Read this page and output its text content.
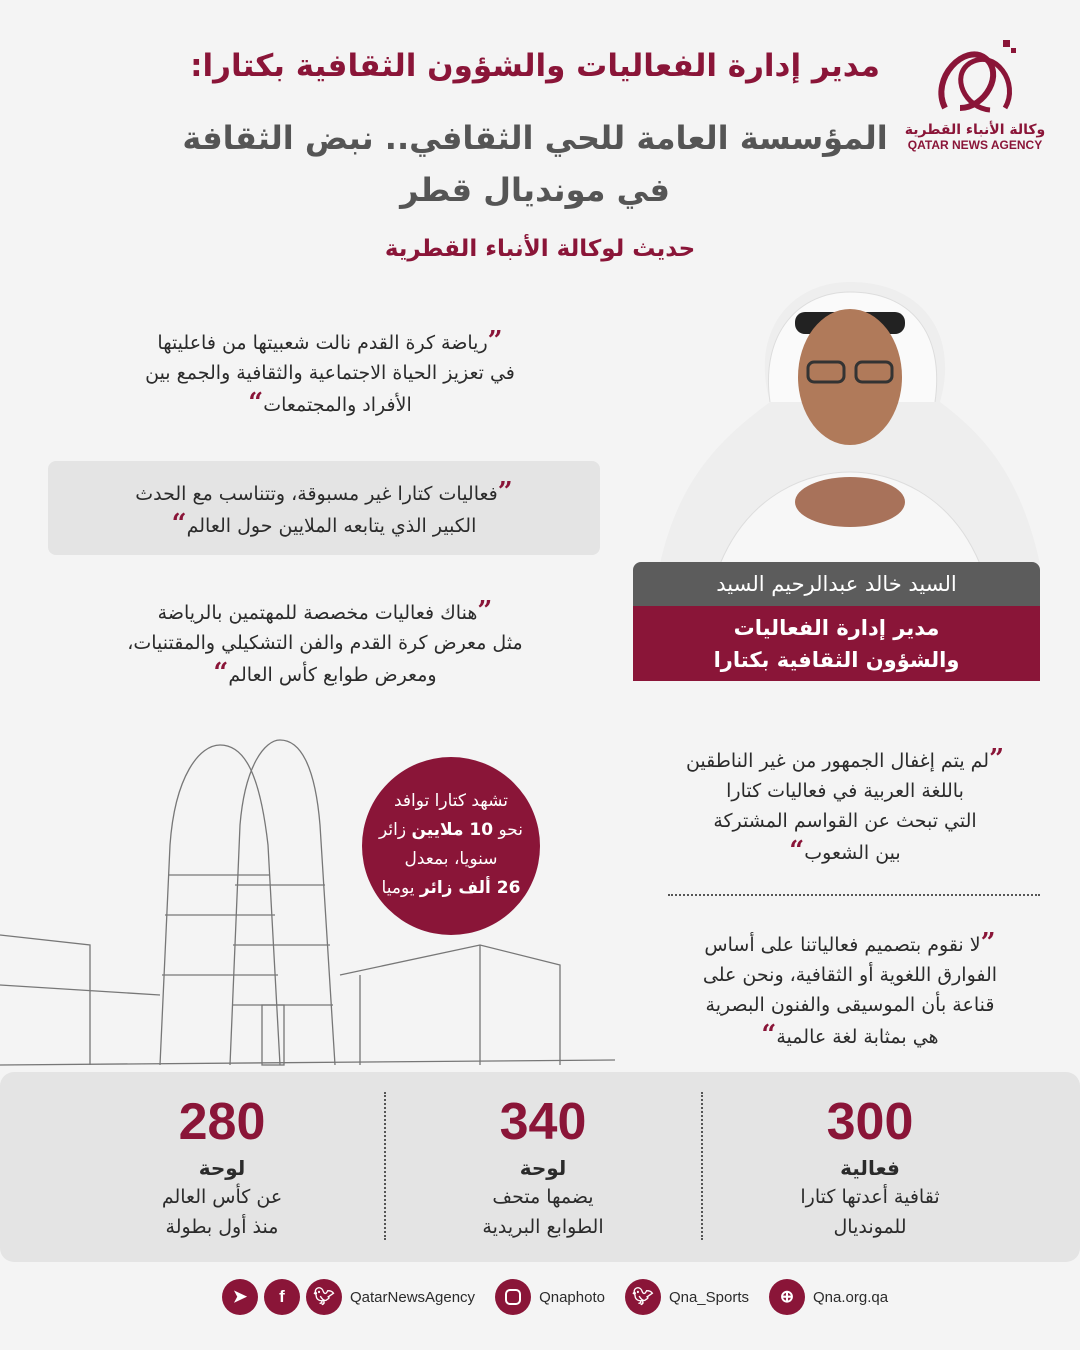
مدير إدارة الفعاليات والشؤون الثقافية بكتارا:
المؤسسة العامة للحي الثقافي.. نبض الثقافة
في مونديال قطر
حديث لوكالة الأنباء القطرية
وكالة الأنباء القطرية
QATAR NEWS AGENCY
”رياضة كرة القدم نالت شعبيتها من فاعليتها
في تعزيز الحياة الاجتماعية والثقافية والجمع بين
الأفراد والمجتمعات“
”فعاليات كتارا غير مسبوقة، وتتناسب مع الحدث
الكبير الذي يتابعه الملايين حول العالم“
”هناك فعاليات مخصصة للمهتمين بالرياضة
مثل معرض كرة القدم والفن التشكيلي والمقتنيات،
ومعرض طوابع كأس العالم“
السيد خالد عبدالرحيم السيد
مدير إدارة الفعاليات
والشؤون الثقافية بكتارا
تشهد كتارا توافد
نحو 10 ملايين زائر
سنويا، بمعدل
26 ألف زائر يوميا
”لم يتم إغفال الجمهور من غير الناطقين
باللغة العربية في فعاليات كتارا
التي تبحث عن القواسم المشتركة
بين الشعوب“
”لا نقوم بتصميم فعالياتنا على أساس
الفوارق اللغوية أو الثقافية، ونحن على
قناعة بأن الموسيقى والفنون البصرية
هي بمثابة لغة عالمية“
300
فعالية
ثقافية أعدتها كتارا
للمونديال
340
لوحة
يضمها متحف
الطوابع البريدية
280
لوحة
عن كأس العالم
منذ أول بطولة
➤	f	🐦︎	QatarNewsAgency	Qnaphoto	🐦︎	Qna_Sports	⊕	Qna.org.qa
